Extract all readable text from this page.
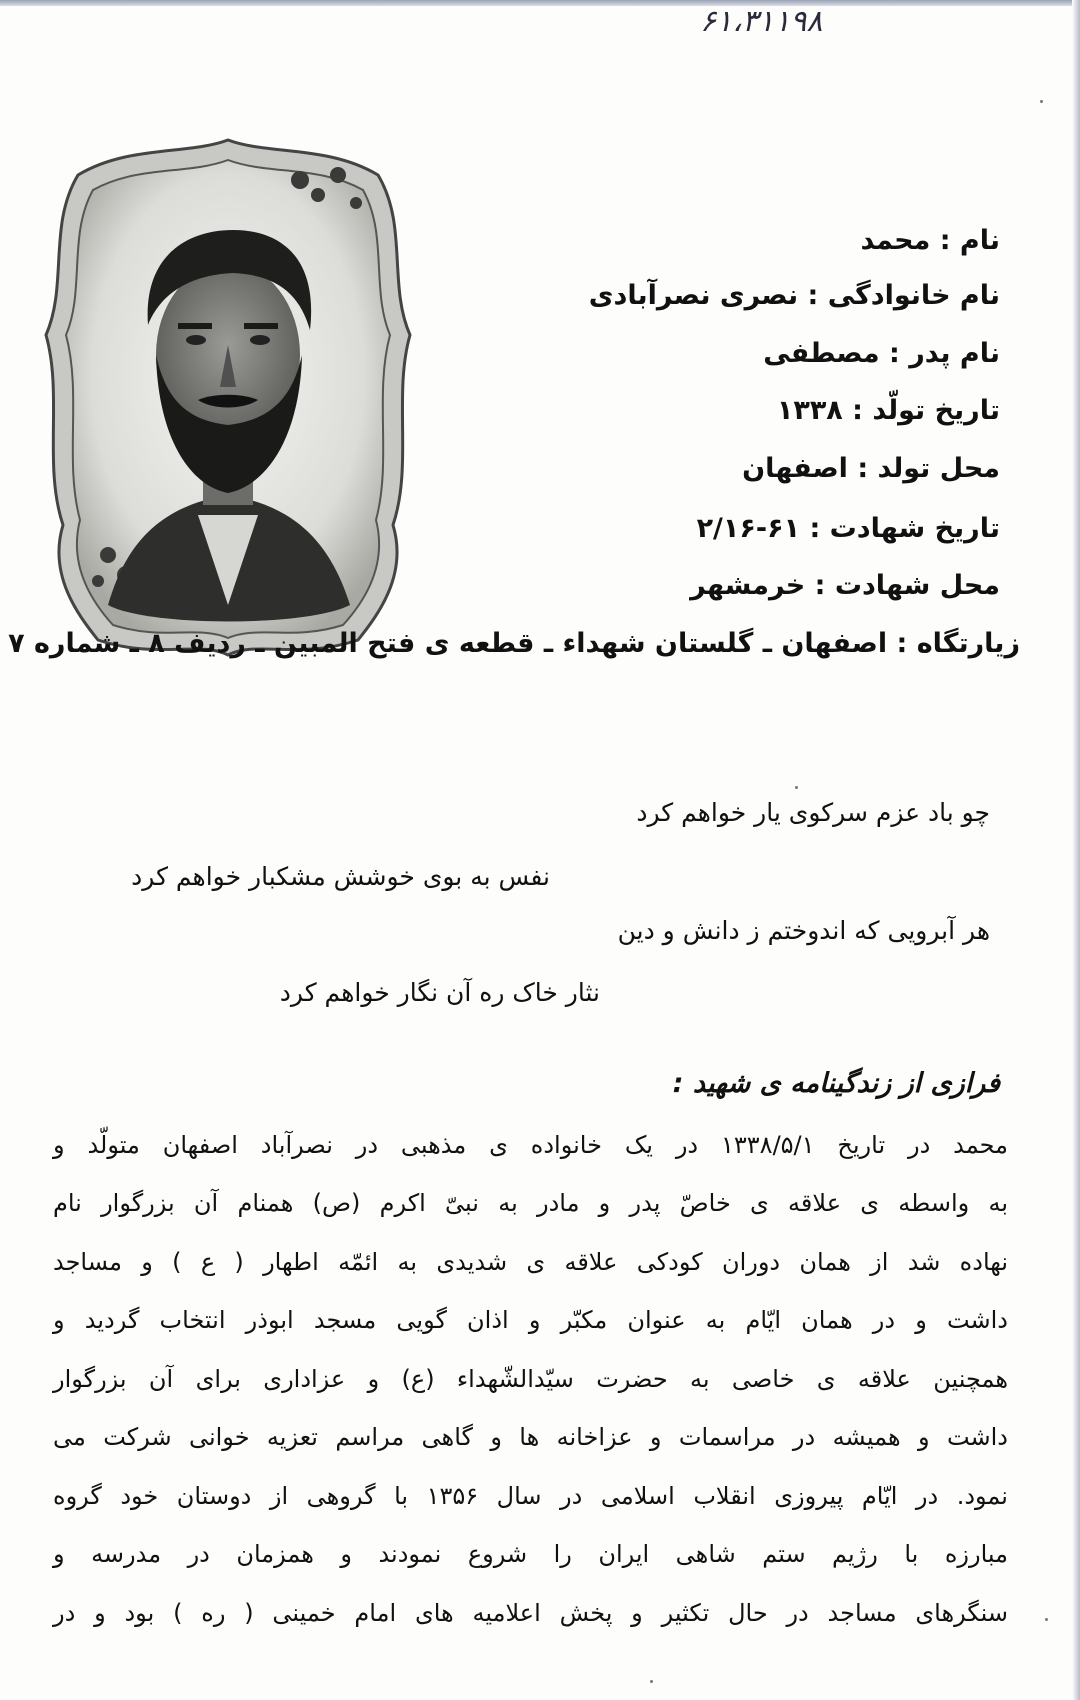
۶۱،۳۱۱۹۸
نام : محمد
نام خانوادگی : نصری نصرآبادی
نام پدر : مصطفی
تاریخ تولّد : ۱۳۳۸
محل تولد : اصفهان
تاریخ شهادت : ۶۱-۲/۱۶
محل شهادت : خرمشهر
زیارتگاه : اصفهان ـ گلستان شهداء ـ قطعه ی فتح المبین ـ ردیف ۸ ـ شماره ۷
چو باد عزم سرکوی یار خواهم کرد
نفس به بوی خوشش مشکبار خواهم کرد
هر آبرویی که اندوختم ز دانش و دین
نثار خاک ره آن نگار خواهم کرد
فرازی از زندگینامه ی شهید :
محمد در تاریخ ۱۳۳۸/۵/۱ در یک خانواده ی مذهبی در نصرآباد اصفهان متولّد و
به واسطه ی علاقه ی خاصّ پدر و مادر به نبیّ اکرم (ص) همنام آن بزرگوار نام
نهاده شد از همان دوران کودکی علاقه ی شدیدی به ائمّه اطهار ( ع ) و مساجد
داشت و در همان ایّام به عنوان مکبّر و اذان گویی مسجد ابوذر انتخاب گردید و
همچنین علاقه ی خاصی به حضرت سیّدالشّهداء (ع) و عزاداری برای آن بزرگوار
داشت و همیشه در مراسمات و عزاخانه ها و گاهی مراسم تعزیه خوانی شرکت می
نمود. در ایّام پیروزی انقلاب اسلامی در سال ۱۳۵۶ با گروهی از دوستان خود گروه
مبارزه با رژیم ستم شاهی ایران را شروع نمودند و همزمان در مدرسه و
سنگرهای مساجد در حال تکثیر و پخش اعلامیه های امام خمینی ( ره ) بود و در
